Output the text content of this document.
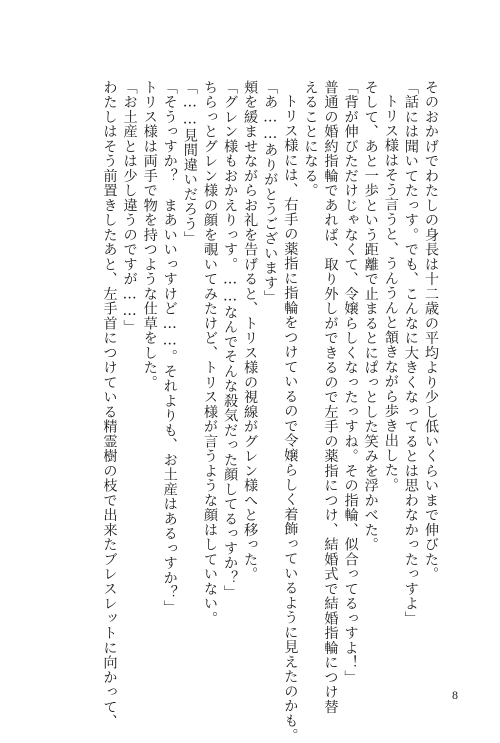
そのおかげでわたしの身長は十二歳の平均より少し低いくらいまで伸びた。
「話には聞いてたっす。でも、こんなに大きくなってるとは思わなかったっすよ」
トリス様はそう言うと、うんうんと頷きながら歩き出した。
そして、あと一歩という距離で止まるとにぱっとした笑みを浮かべた。
「背が伸びただけじゃなくて、令嬢らしくなったっすね。その指輪、似合ってるっすよ！」
普通の婚約指輪であれば、取り外しができるので左手の薬指につけ、結婚式で結婚指輪につけ替
えることになる。
トリス様には、右手の薬指に指輪をつけているので令嬢らしく着飾っているように見えたのかも。
「あ……ありがとうございます」
頬を緩ませながらお礼を告げると、トリス様の視線がグレン様へと移った。
「グレン様もおかえりっす。……なんでそんな殺気だった顔してるっすか？」
ちらっとグレン様の顔を覗いてみたけど、トリス様が言うような顔はしていない。
「……見間違いだろう」
「そうっすか？　まあいいっすけど……。それよりも、お土産はあるっすか？」
トリス様は両手で物を持つような仕草をした。
「お土産とは少し違うのですが……」
わたしはそう前置きしたあと、左手首につけている精霊樹の枝で出来たブレスレットに向かって、	8
